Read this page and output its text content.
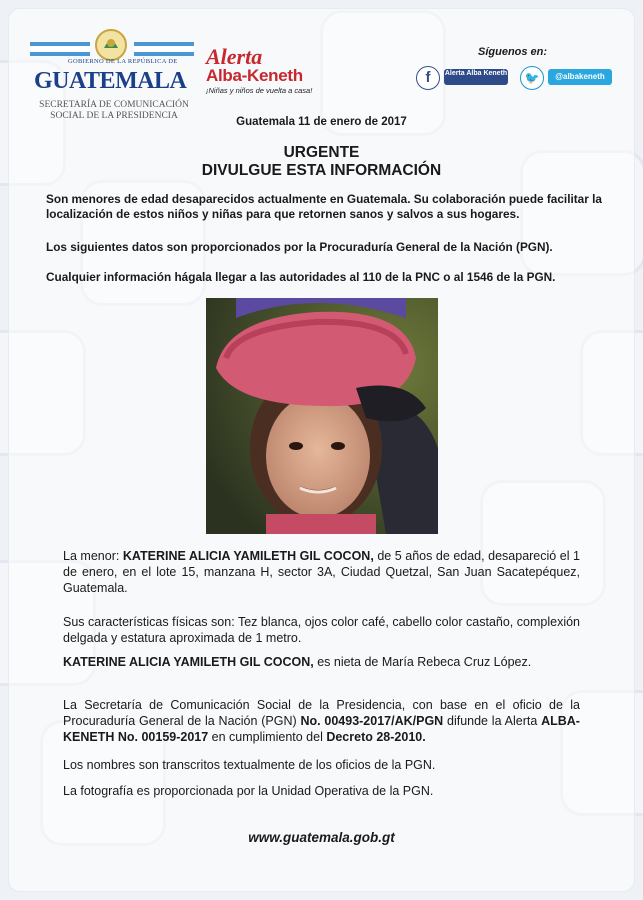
GOBIERNO DE LA REPÚBLICA DE
GUATEMALA
SECRETARÍA DE COMUNICACIÓN
SOCIAL DE LA PRESIDENCIA
Alerta
Alba-Keneth
¡Niñas y niños de vuelta a casa!
Síguenos en:
f	Alerta Alba Keneth	🐦	@albakeneth
Guatemala 11 de enero de 2017
URGENTE
DIVULGUE ESTA INFORMACIÓN
Son menores de edad desaparecidos actualmente en Guatemala. Su colaboración puede facilitar la localización de estos niños y niñas para que retornen sanos y salvos a sus hogares.
Los siguientes datos son proporcionados por la Procuraduría General de la Nación (PGN).
Cualquier información hágala llegar a las autoridades al 110 de la PNC o al 1546 de la PGN.
La menor: KATERINE ALICIA YAMILETH GIL COCON, de 5 años de edad, desapareció el 1 de enero, en el lote 15, manzana H, sector 3A, Ciudad Quetzal, San Juan Sacatepéquez, Guatemala.
Sus características físicas son: Tez blanca, ojos color café, cabello color castaño, complexión delgada y estatura aproximada de 1 metro.
KATERINE ALICIA YAMILETH GIL COCON, es nieta de María Rebeca Cruz López.
La Secretaría de Comunicación Social de la Presidencia, con base en el oficio de la Procuraduría General de la Nación (PGN) No. 00493-2017/AK/PGN difunde la Alerta ALBA-KENETH No. 00159-2017 en cumplimiento del Decreto 28-2010.
Los nombres son transcritos textualmente de los oficios de la PGN.
La fotografía es proporcionada por la Unidad Operativa de la PGN.
www.guatemala.gob.gt
